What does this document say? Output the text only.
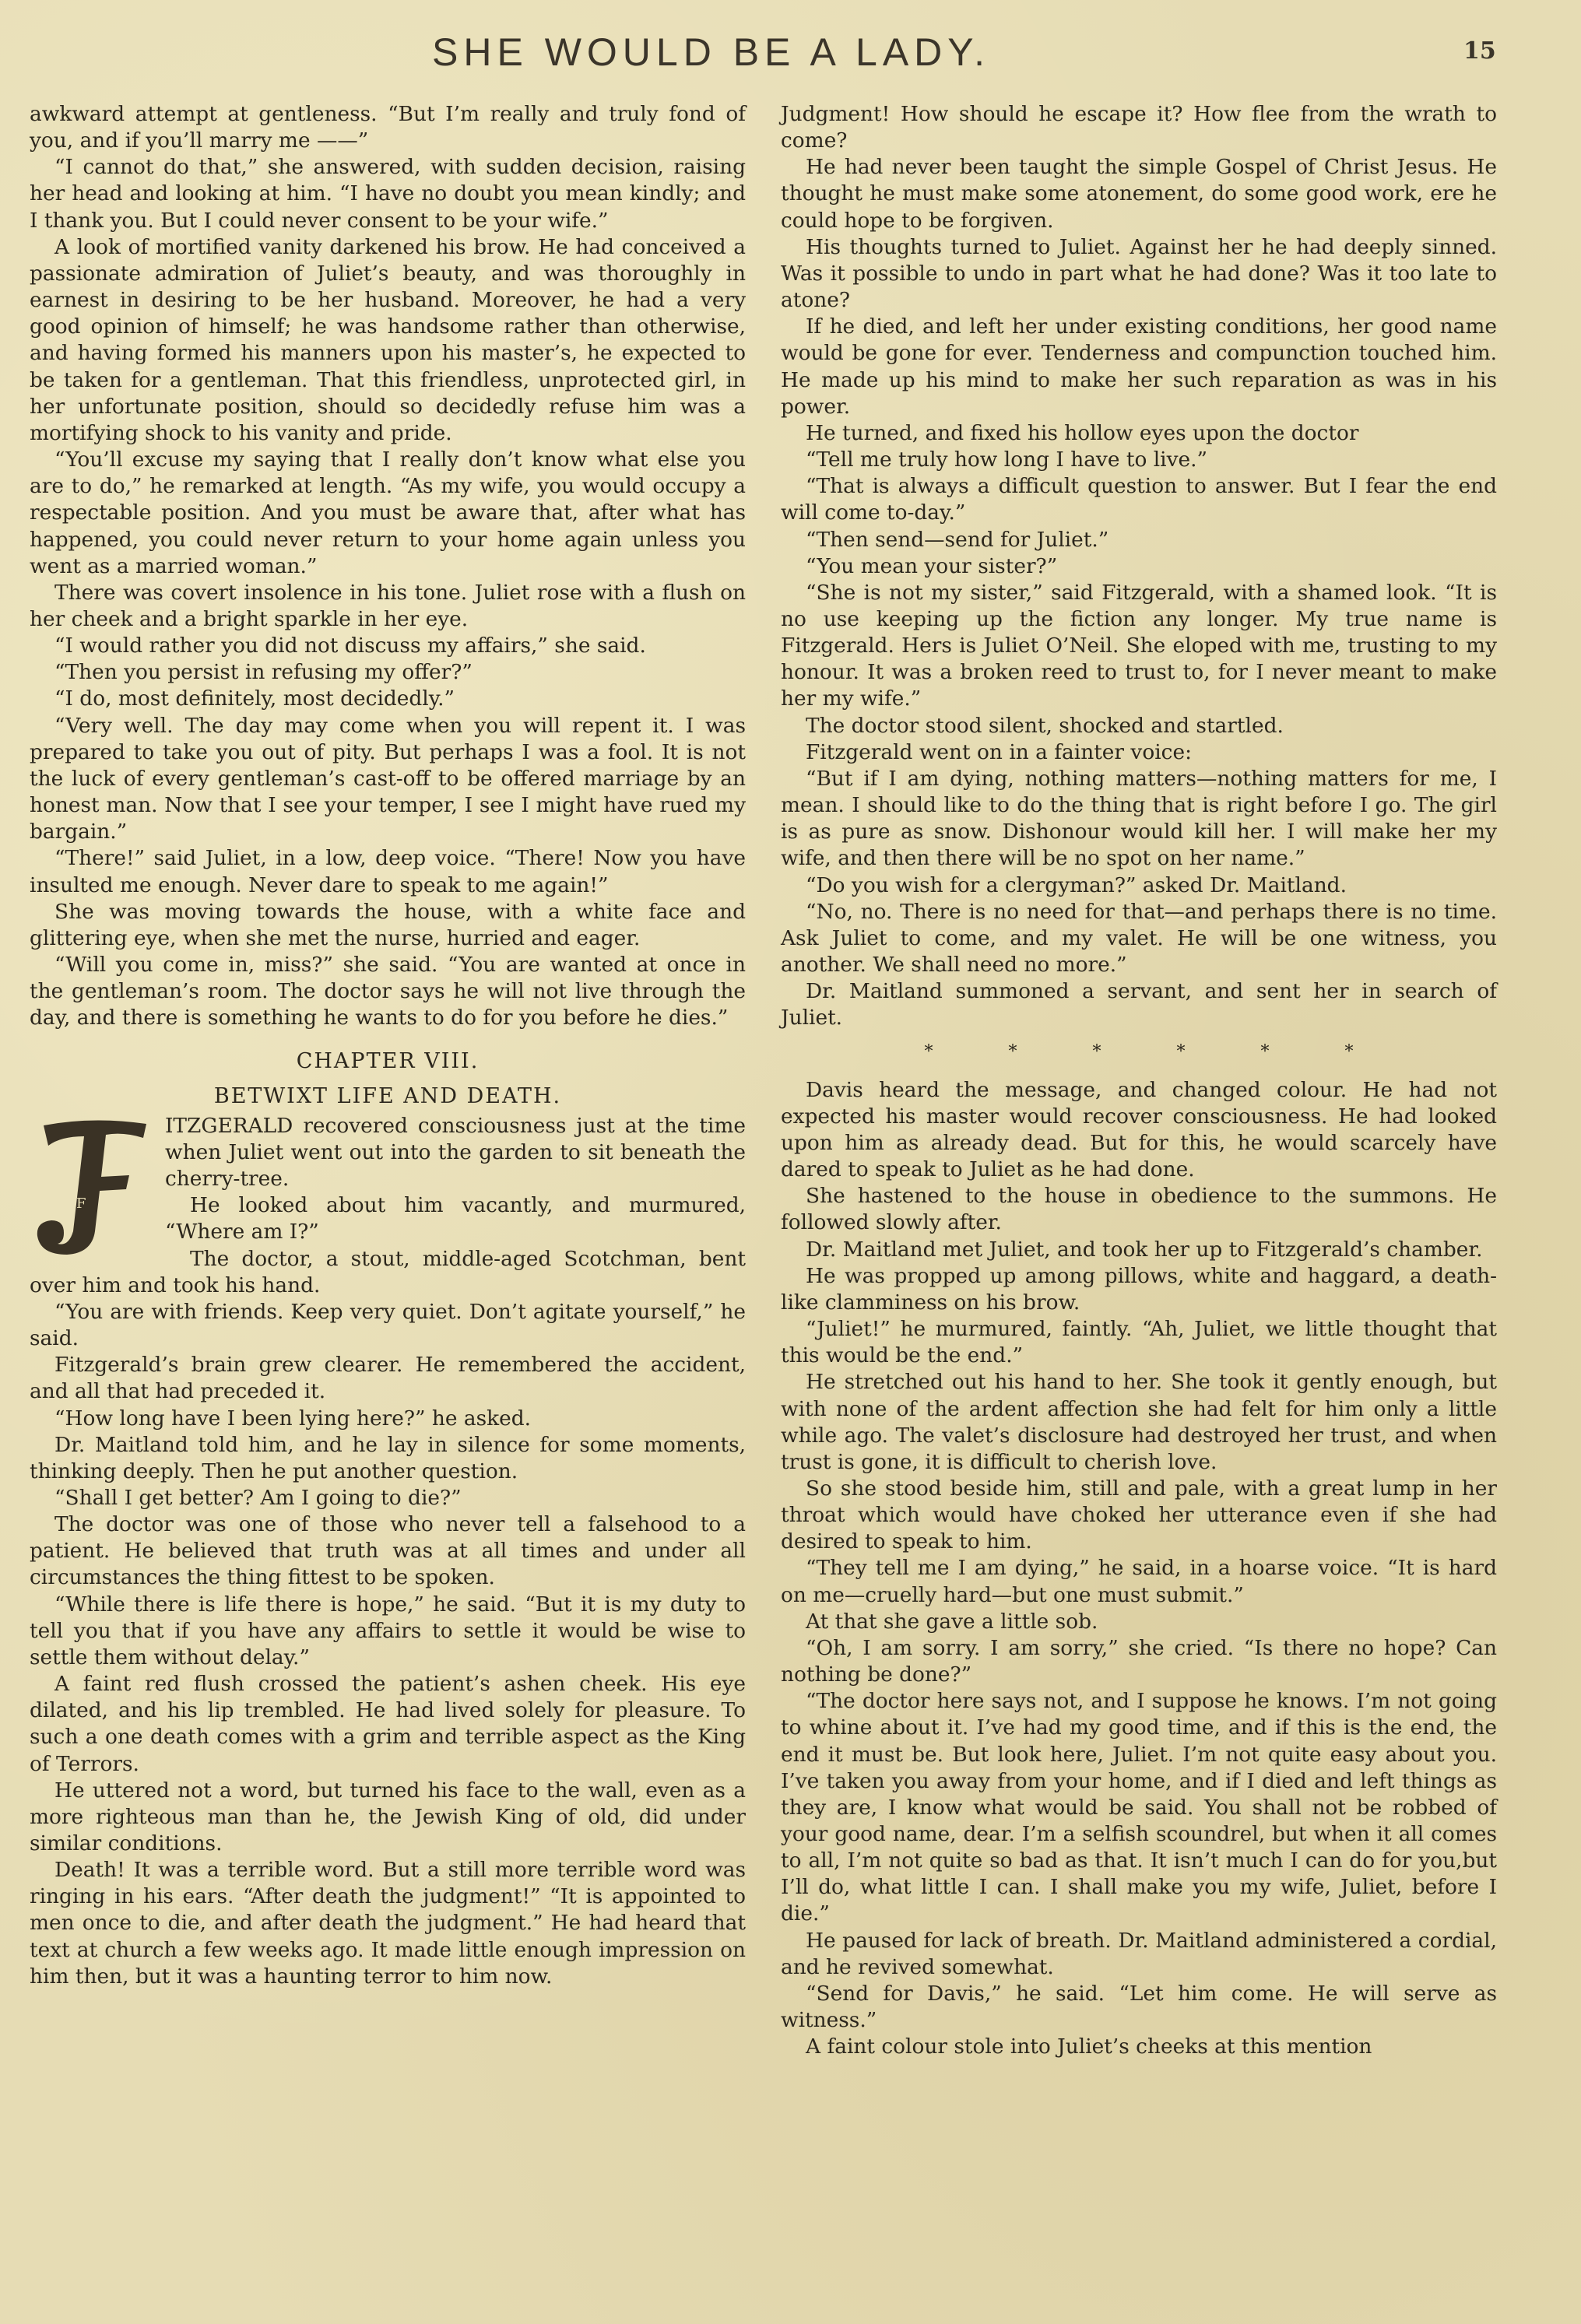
SHE WOULD BE A LADY.	15

awkward attempt at gentleness. “But I’m really and truly fond of you, and if you’ll marry me ——”

“I cannot do that,” she answered, with sudden decision, raising her head and looking at him. “I have no doubt you mean kindly; and I thank you. But I could never consent to be your wife.”

A look of mortified vanity darkened his brow. He had conceived a passionate admiration of Juliet’s beauty, and was thoroughly in earnest in desiring to be her husband. Moreover, he had a very good opinion of himself; he was handsome rather than otherwise, and having formed his manners upon his master’s, he expected to be taken for a gentleman. That this friendless, unprotected girl, in her unfortunate position, should so decidedly refuse him was a mortifying shock to his vanity and pride.

“You’ll excuse my saying that I really don’t know what else you are to do,” he remarked at length. “As my wife, you would occupy a respectable position. And you must be aware that, after what has happened, you could never return to your home again unless you went as a married woman.”

There was covert insolence in his tone. Juliet rose with a flush on her cheek and a bright sparkle in her eye.

“I would rather you did not discuss my affairs,” she said.

“Then you persist in refusing my offer?”

“I do, most definitely, most decidedly.”

“Very well. The day may come when you will repent it. I was prepared to take you out of pity. But perhaps I was a fool. It is not the luck of every gentleman’s cast-off to be offered marriage by an honest man. Now that I see your temper, I see I might have rued my bargain.”

“There!” said Juliet, in a low, deep voice. “There! Now you have insulted me enough. Never dare to speak to me again!”

She was moving towards the house, with a white face and glittering eye, when she met the nurse, hurried and eager.

“Will you come in, miss?” she said. “You are wanted at once in the gentleman’s room. The doctor says he will not live through the day, and there is something he wants to do for you before he dies.”

CHAPTER VIII.

BETWIXT LIFE AND DEATH.

F
ITZGERALD recovered consciousness just at the time when Juliet went out into the garden to sit beneath the cherry-tree.

He looked about him vacantly, and murmured, “Where am I?”

The doctor, a stout, middle-aged Scotchman, bent over him and took his hand.

“You are with friends. Keep very quiet. Don’t agitate yourself,” he said.

Fitzgerald’s brain grew clearer. He remembered the accident, and all that had preceded it.

“How long have I been lying here?” he asked.

Dr. Maitland told him, and he lay in silence for some moments, thinking deeply. Then he put another question.

“Shall I get better? Am I going to die?”

The doctor was one of those who never tell a falsehood to a patient. He believed that truth was at all times and under all circumstances the thing fittest to be spoken.

“While there is life there is hope,” he said. “But it is my duty to tell you that if you have any affairs to settle it would be wise to settle them without delay.”

A faint red flush crossed the patient’s ashen cheek. His eye dilated, and his lip trembled. He had lived solely for pleasure. To such a one death comes with a grim and terrible aspect as the King of Terrors.

He uttered not a word, but turned his face to the wall, even as a more righteous man than he, the Jewish King of old, did under similar conditions.

Death! It was a terrible word. But a still more terrible word was ringing in his ears. “After death the judgment!” “It is appointed to men once to die, and after death the judgment.” He had heard that text at church a few weeks ago. It made little enough impression on him then, but it was a haunting terror to him now.

Judgment! How should he escape it? How flee from the wrath to come?

He had never been taught the simple Gospel of Christ Jesus. He thought he must make some atonement, do some good work, ere he could hope to be forgiven.

His thoughts turned to Juliet. Against her he had deeply sinned. Was it possible to undo in part what he had done? Was it too late to atone?

If he died, and left her under existing conditions, her good name would be gone for ever. Tenderness and compunction touched him. He made up his mind to make her such reparation as was in his power.

He turned, and fixed his hollow eyes upon the doctor

“Tell me truly how long I have to live.”

“That is always a difficult question to answer. But I fear the end will come to-day.”

“Then send—send for Juliet.”

“You mean your sister?”

“She is not my sister,” said Fitzgerald, with a shamed look. “It is no use keeping up the fiction any longer. My true name is Fitzgerald. Hers is Juliet O’Neil. She eloped with me, trusting to my honour. It was a broken reed to trust to, for I never meant to make her my wife.”

The doctor stood silent, shocked and startled.

Fitzgerald went on in a fainter voice:

“But if I am dying, nothing matters—nothing matters for me, I mean. I should like to do the thing that is right before I go. The girl is as pure as snow. Dishonour would kill her. I will make her my wife, and then there will be no spot on her name.”

“Do you wish for a clergyman?” asked Dr. Maitland.

“No, no. There is no need for that—and perhaps there is no time. Ask Juliet to come, and my valet. He will be one witness, you another. We shall need no more.”

Dr. Maitland summoned a servant, and sent her in search of Juliet.

* * * * * *

Davis heard the message, and changed colour. He had not expected his master would recover consciousness. He had looked upon him as already dead. But for this, he would scarcely have dared to speak to Juliet as he had done.

She hastened to the house in obedience to the summons. He followed slowly after.

Dr. Maitland met Juliet, and took her up to Fitzgerald’s chamber.

He was propped up among pillows, white and haggard, a death-like clamminess on his brow.

“Juliet!” he murmured, faintly. “Ah, Juliet, we little thought that this would be the end.”

He stretched out his hand to her. She took it gently enough, but with none of the ardent affection she had felt for him only a little while ago. The valet’s disclosure had destroyed her trust, and when trust is gone, it is difficult to cherish love.

So she stood beside him, still and pale, with a great lump in her throat which would have choked her utterance even if she had desired to speak to him.

“They tell me I am dying,” he said, in a hoarse voice. “It is hard on me—cruelly hard—but one must submit.”

At that she gave a little sob.

“Oh, I am sorry. I am sorry,” she cried. “Is there no hope? Can nothing be done?”

“The doctor here says not, and I suppose he knows. I’m not going to whine about it. I’ve had my good time, and if this is the end, the end it must be. But look here, Juliet. I’m not quite easy about you. I’ve taken you away from your home, and if I died and left things as they are, I know what would be said. You shall not be robbed of your good name, dear. I’m a selfish scoundrel, but when it all comes to all, I’m not quite so bad as that. It isn’t much I can do for you,but I’ll do, what little I can. I shall make you my wife, Juliet, before I die.”

He paused for lack of breath. Dr. Maitland administered a cordial, and he revived somewhat.

“Send for Davis,” he said. “Let him come. He will serve as witness.”

A faint colour stole into Juliet’s cheeks at this mention
